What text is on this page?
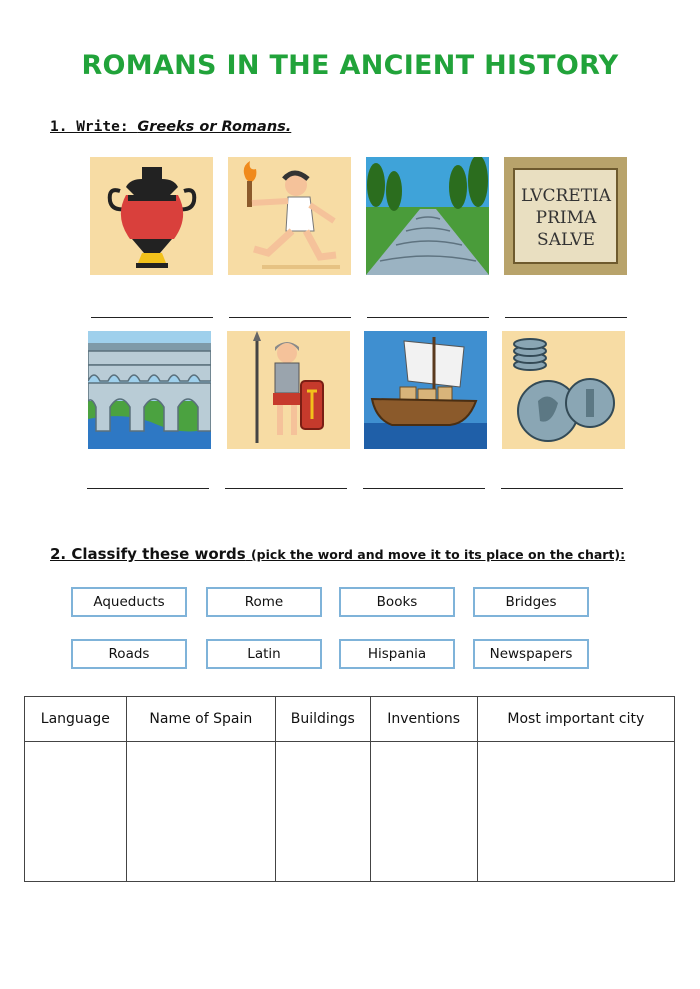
ROMANS IN THE ANCIENT HISTORY
1. Write: Greeks or Romans.
LVCRETIA
PRIMA
SALVE
2. Classify these words (pick the word and move it to its place on the chart):
Aqueducts	Rome	Books	Bridges
Roads	Latin	Hispania	Newspapers
Language	Name of Spain	Buildings	Inventions	Most important city
